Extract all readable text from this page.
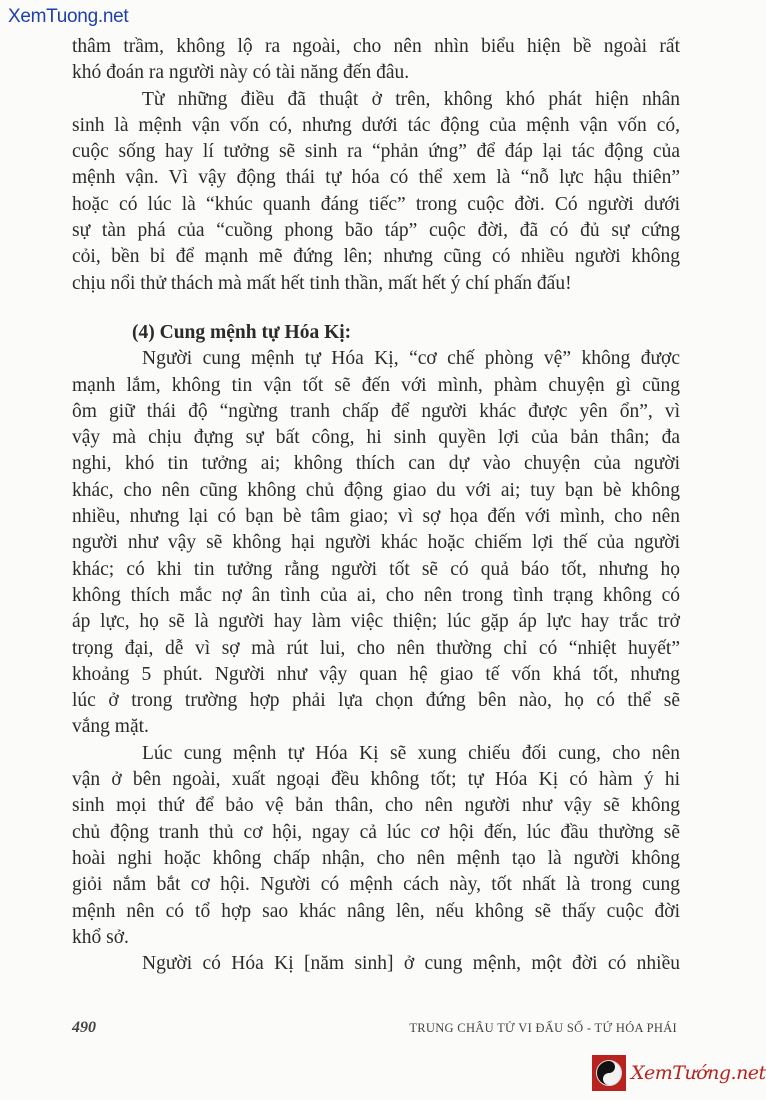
XemTuong.net
thâm trầm, không lộ ra ngoài, cho nên nhìn biểu hiện bề ngoài rất
khó đoán ra người này có tài năng đến đâu.
Từ những điều đã thuật ở trên, không khó phát hiện nhân
sinh là mệnh vận vốn có, nhưng dưới tác động của mệnh vận vốn có,
cuộc sống hay lí tưởng sẽ sinh ra “phản ứng” để đáp lại tác động của
mệnh vận. Vì vậy động thái tự hóa có thể xem là “nỗ lực hậu thiên”
hoặc có lúc là “khúc quanh đáng tiếc” trong cuộc đời. Có người dưới
sự tàn phá của “cuồng phong bão táp” cuộc đời, đã có đủ sự cứng
cỏi, bền bỉ để mạnh mẽ đứng lên; nhưng cũng có nhiều người không
chịu nổi thử thách mà mất hết tinh thần, mất hết ý chí phấn đấu!
(4) Cung mệnh tự Hóa Kị:
Người cung mệnh tự Hóa Kị, “cơ chế phòng vệ” không được
mạnh lắm, không tin vận tốt sẽ đến với mình, phàm chuyện gì cũng
ôm giữ thái độ “ngừng tranh chấp để người khác được yên ổn”, vì
vậy mà chịu đựng sự bất công, hi sinh quyền lợi của bản thân; đa
nghi, khó tin tưởng ai; không thích can dự vào chuyện của người
khác, cho nên cũng không chủ động giao du với ai; tuy bạn bè không
nhiều, nhưng lại có bạn bè tâm giao; vì sợ họa đến với mình, cho nên
người như vậy sẽ không hại người khác hoặc chiếm lợi thế của người
khác; có khi tin tưởng rằng người tốt sẽ có quả báo tốt, nhưng họ
không thích mắc nợ ân tình của ai, cho nên trong tình trạng không có
áp lực, họ sẽ là người hay làm việc thiện; lúc gặp áp lực hay trắc trở
trọng đại, dễ vì sợ mà rút lui, cho nên thường chỉ có “nhiệt huyết”
khoảng 5 phút. Người như vậy quan hệ giao tế vốn khá tốt, nhưng
lúc ở trong trường hợp phải lựa chọn đứng bên nào, họ có thể sẽ
vắng mặt.
Lúc cung mệnh tự Hóa Kị sẽ xung chiếu đối cung, cho nên
vận ở bên ngoài, xuất ngoại đều không tốt; tự Hóa Kị có hàm ý hi
sinh mọi thứ để bảo vệ bản thân, cho nên người như vậy sẽ không
chủ động tranh thủ cơ hội, ngay cả lúc cơ hội đến, lúc đầu thường sẽ
hoài nghi hoặc không chấp nhận, cho nên mệnh tạo là người không
giỏi nắm bắt cơ hội. Người có mệnh cách này, tốt nhất là trong cung
mệnh nên có tổ hợp sao khác nâng lên, nếu không sẽ thấy cuộc đời
khổ sở.
Người có Hóa Kị [năm sinh] ở cung mệnh, một đời có nhiều
490	TRUNG CHÂU TỬ VI ĐẨU SỐ - TỨ HÓA PHÁI
XemTướng.net
